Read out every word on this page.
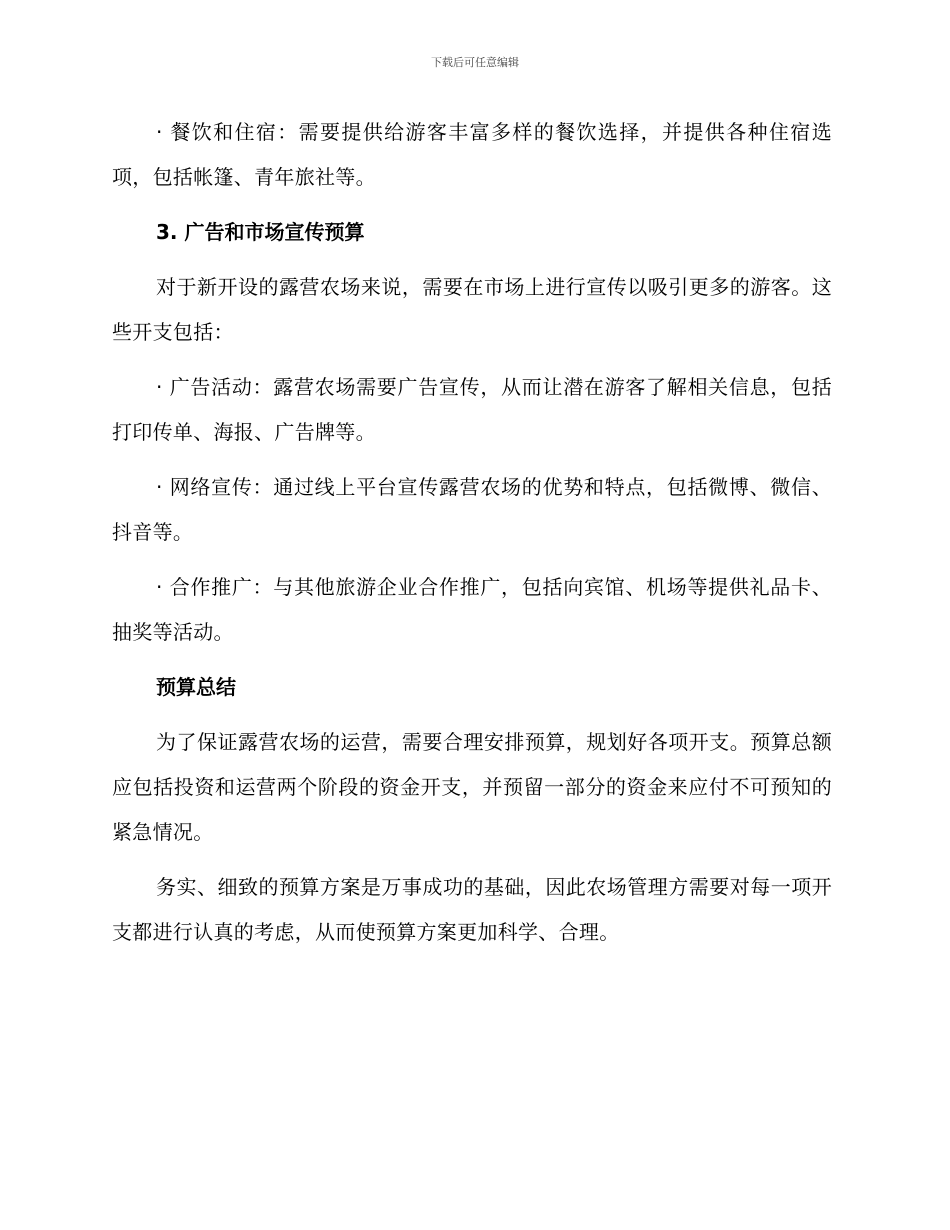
下载后可任意编辑

· 餐饮和住宿：需要提供给游客丰富多样的餐饮选择，并提供各种住宿选项，包括帐篷、青年旅社等。

3. 广告和市场宣传预算

对于新开设的露营农场来说，需要在市场上进行宣传以吸引更多的游客。这些开支包括：

· 广告活动：露营农场需要广告宣传，从而让潜在游客了解相关信息，包括打印传单、海报、广告牌等。

· 网络宣传：通过线上平台宣传露营农场的优势和特点，包括微博、微信、抖音等。

· 合作推广：与其他旅游企业合作推广，包括向宾馆、机场等提供礼品卡、抽奖等活动。

预算总结

为了保证露营农场的运营，需要合理安排预算，规划好各项开支。预算总额应包括投资和运营两个阶段的资金开支，并预留一部分的资金来应付不可预知的紧急情况。

务实、细致的预算方案是万事成功的基础，因此农场管理方需要对每一项开支都进行认真的考虑，从而使预算方案更加科学、合理。
